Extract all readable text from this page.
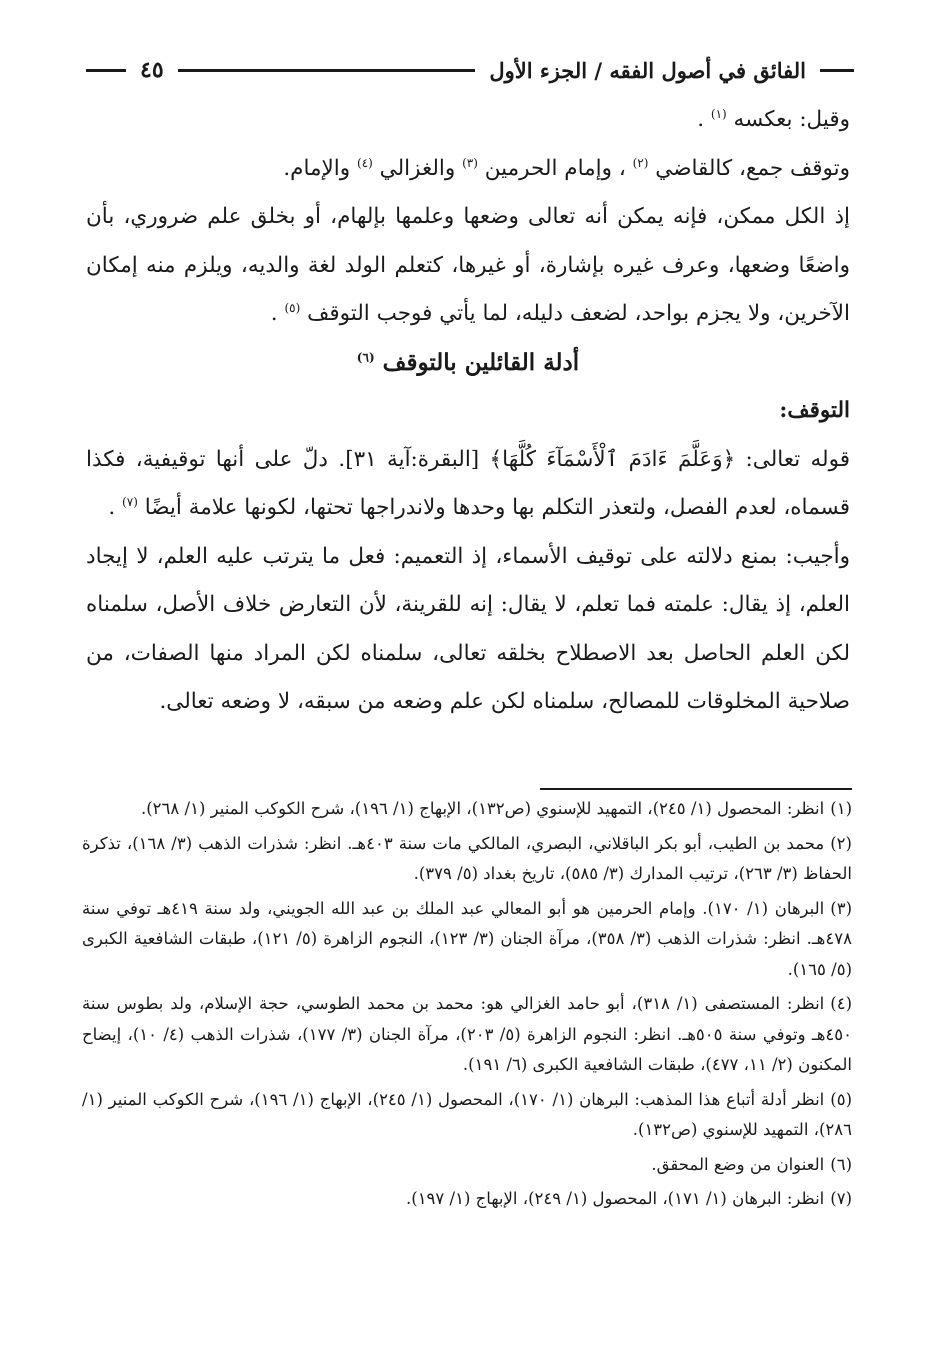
الفائق في أصول الفقه / الجزء الأول
٤٥

وقيل: بعكسه $^{(١)}$ .

وتوقف جمع، كالقاضي $^{(٢)}$ ، وإمام الحرمين $^{(٣)}$ والغزالي $^{(٤)}$ والإمام.

إذ الكل ممكن، فإنه يمكن أنه تعالى وضعها وعلمها بإلهام، أو بخلق علم ضروري، بأن واضعًا وضعها، وعرف غيره بإشارة، أو غيرها، كتعلم الولد لغة والديه، ويلزم منه إمكان الآخرين، ولا يجزم بواحد، لضعف دليله، لما يأتي فوجب التوقف $^{(٥)}$ .

أدلة القائلين بالتوقف $^{(٦)}$

التوقف:

قوله تعالى: ﴿وَعَلَّمَ ءَادَمَ ٱلْأَسْمَآءَ كُلَّهَا﴾ [البقرة:آية ٣١]. دلّ على أنها توقيفية، فكذا قسماه، لعدم الفصل، ولتعذر التكلم بها وحدها ولاندراجها تحتها، لكونها علامة أيضًا $^{(٧)}$ .

وأجيب: بمنع دلالته على توقيف الأسماء، إذ التعميم: فعل ما يترتب عليه العلم، لا إيجاد العلم، إذ يقال: علمته فما تعلم، لا يقال: إنه للقرينة، لأن التعارض خلاف الأصل، سلمناه لكن العلم الحاصل بعد الاصطلاح بخلقه تعالى، سلمناه لكن المراد منها الصفات، من صلاحية المخلوقات للمصالح، سلمناه لكن علم وضعه من سبقه، لا وضعه تعالى.

(١)انظر: المحصول (١/ ٢٤٥)، التمهيد للإسنوي (ص١٣٢)، الإبهاج (١/ ١٩٦)، شرح الكوكب المنير (١/ ٢٦٨).

(٢)محمد بن الطيب، أبو بكر الباقلاني، البصري، المالكي مات سنة ٤٠٣هـ. انظر: شذرات الذهب (٣/ ١٦٨)، تذكرة الحفاظ (٣/ ٢٦٣)، ترتيب المدارك (٣/ ٥٨٥)، تاريخ بغداد (٥/ ٣٧٩).

(٣)البرهان (١/ ١٧٠). وإمام الحرمين هو أبو المعالي عبد الملك بن عبد الله الجويني، ولد سنة ٤١٩هـ توفي سنة ٤٧٨هـ. انظر: شذرات الذهب (٣/ ٣٥٨)، مرآة الجنان (٣/ ١٢٣)، النجوم الزاهرة (٥/ ١٢١)، طبقات الشافعية الكبرى (٥/ ١٦٥).

(٤)انظر: المستصفى (١/ ٣١٨)، أبو حامد الغزالي هو: محمد بن محمد الطوسي، حجة الإسلام، ولد بطوس سنة ٤٥٠هـ وتوفي سنة ٥٠٥هـ. انظر: النجوم الزاهرة (٥/ ٢٠٣)، مرآة الجنان (٣/ ١٧٧)، شذرات الذهب (٤/ ١٠)، إيضاح المكنون (٢/ ١١، ٤٧٧)، طبقات الشافعية الكبرى (٦/ ١٩١).

(٥)انظر أدلة أتباع هذا المذهب: البرهان (١/ ١٧٠)، المحصول (١/ ٢٤٥)، الإبهاج (١/ ١٩٦)، شرح الكوكب المنير (١/ ٢٨٦)، التمهيد للإسنوي (ص١٣٢).

(٦)العنوان من وضع المحقق.

(٧)انظر: البرهان (١/ ١٧١)، المحصول (١/ ٢٤٩)، الإبهاج (١/ ١٩٧).
